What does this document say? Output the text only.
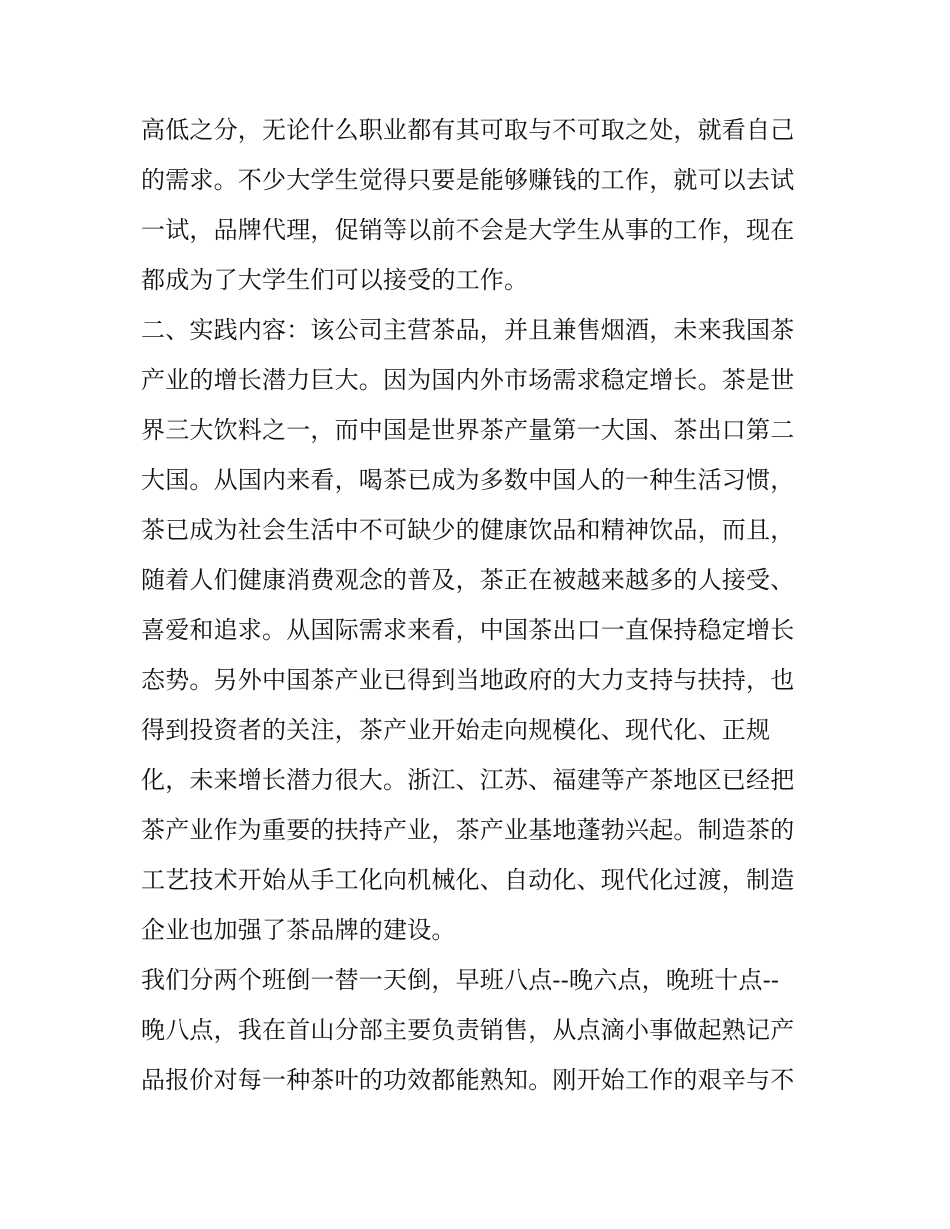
高低之分，无论什么职业都有其可取与不可取之处，就看自己
的需求。不少大学生觉得只要是能够赚钱的工作，就可以去试
一试，品牌代理，促销等以前不会是大学生从事的工作，现在
都成为了大学生们可以接受的工作。
二、实践内容：该公司主营茶品，并且兼售烟酒，未来我国茶
产业的增长潜力巨大。因为国内外市场需求稳定增长。茶是世
界三大饮料之一，而中国是世界茶产量第一大国、茶出口第二
大国。从国内来看，喝茶已成为多数中国人的一种生活习惯，
茶已成为社会生活中不可缺少的健康饮品和精神饮品，而且，
随着人们健康消费观念的普及，茶正在被越来越多的人接受、
喜爱和追求。从国际需求来看，中国茶出口一直保持稳定增长
态势。另外中国茶产业已得到当地政府的大力支持与扶持，也
得到投资者的关注，茶产业开始走向规模化、现代化、正规
化，未来增长潜力很大。浙江、江苏、福建等产茶地区已经把
茶产业作为重要的扶持产业，茶产业基地蓬勃兴起。制造茶的
工艺技术开始从手工化向机械化、自动化、现代化过渡，制造
企业也加强了茶品牌的建设。
我们分两个班倒一替一天倒，早班八点--晚六点，晚班十点--
晚八点，我在首山分部主要负责销售，从点滴小事做起熟记产
品报价对每一种茶叶的功效都能熟知。刚开始工作的艰辛与不
